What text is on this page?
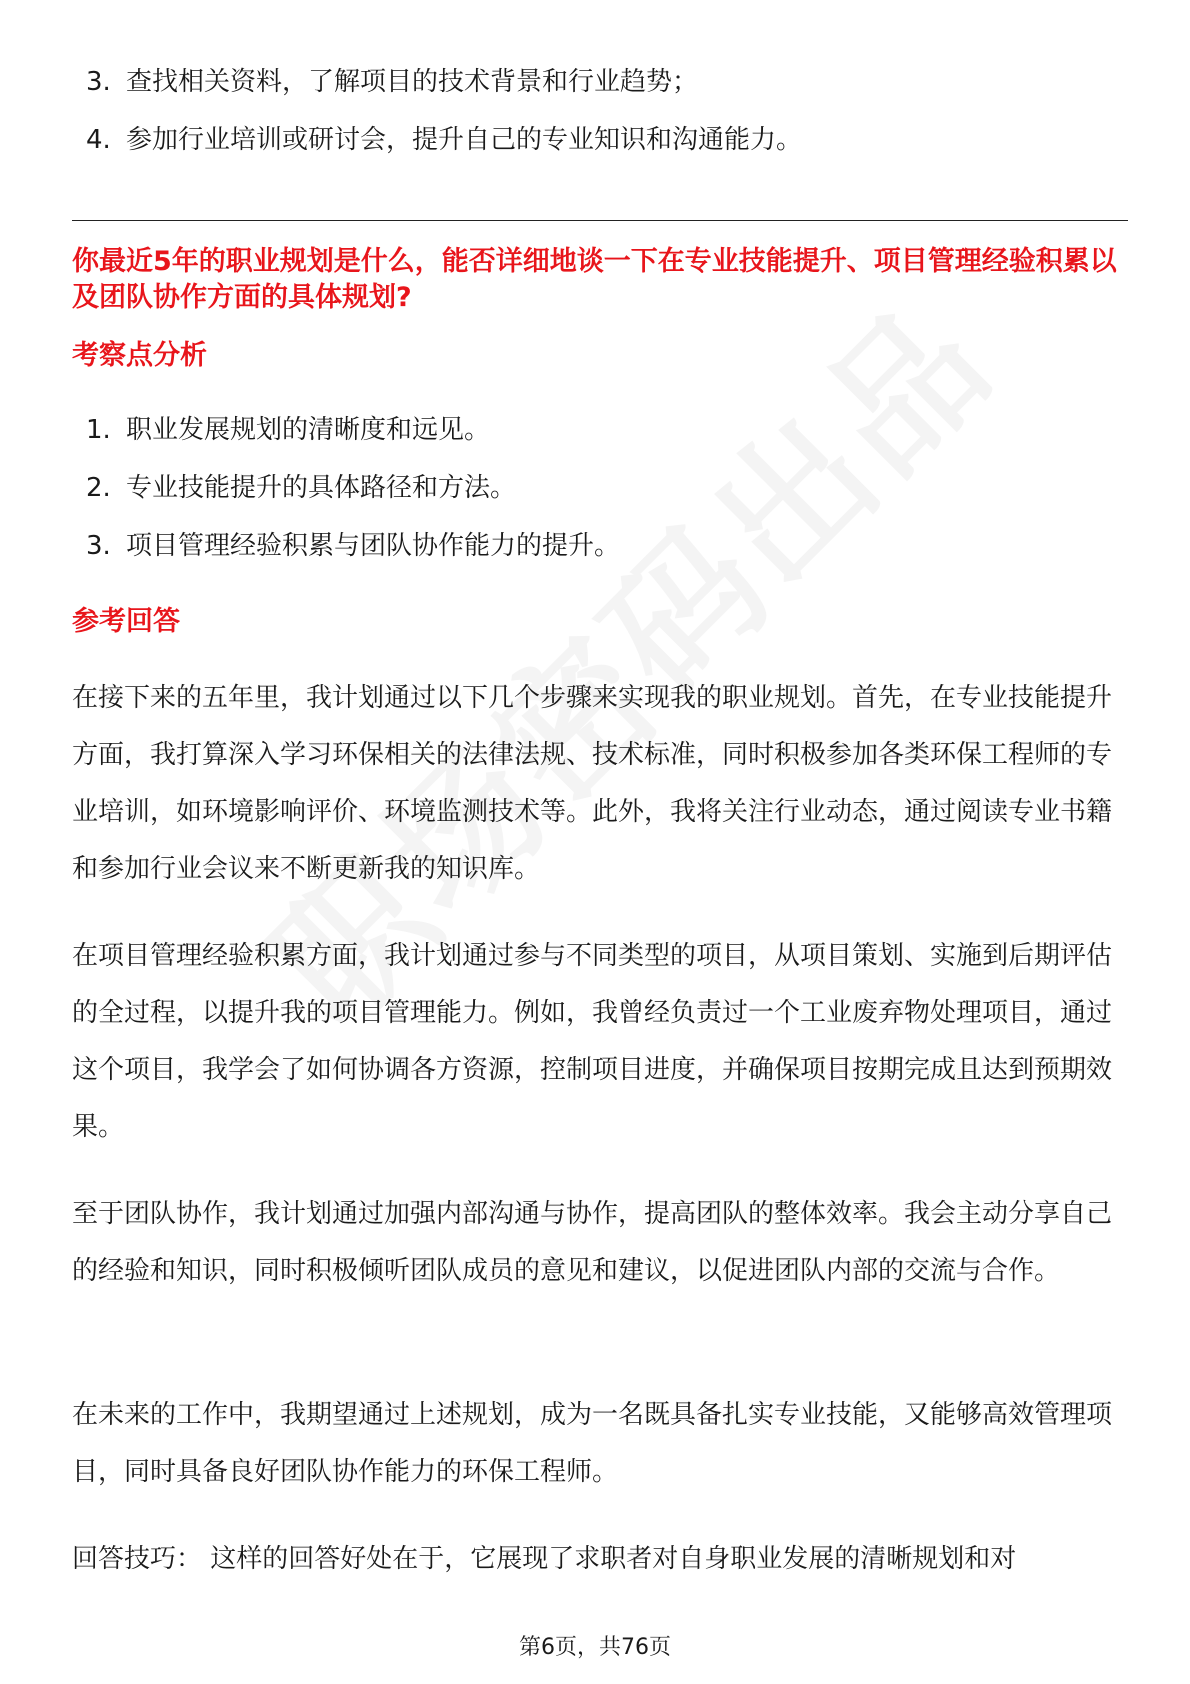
3. 查找相关资料，了解项目的技术背景和行业趋势；
4. 参加行业培训或研讨会，提升自己的专业知识和沟通能力。
你最近5年的职业规划是什么，能否详细地谈一下在专业技能提升、项目管理经验积累以及团队协作方面的具体规划?
考察点分析
1. 职业发展规划的清晰度和远见。
2. 专业技能提升的具体路径和方法。
3. 项目管理经验积累与团队协作能力的提升。
参考回答

在接下来的五年里，我计划通过以下几个步骤来实现我的职业规划。首先，在专业技能提升方面，我打算深入学习环保相关的法律法规、技术标准，同时积极参加各类环保工程师的专业培训，如环境影响评价、环境监测技术等。此外，我将关注行业动态，通过阅读专业书籍和参加行业会议来不断更新我的知识库。

在项目管理经验积累方面，我计划通过参与不同类型的项目，从项目策划、实施到后期评估的全过程，以提升我的项目管理能力。例如，我曾经负责过一个工业废弃物处理项目，通过这个项目，我学会了如何协调各方资源，控制项目进度，并确保项目按期完成且达到预期效果。

至于团队协作，我计划通过加强内部沟通与协作，提高团队的整体效率。我会主动分享自己的经验和知识，同时积极倾听团队成员的意见和建议，以促进团队内部的交流与合作。

在未来的工作中，我期望通过上述规划，成为一名既具备扎实专业技能，又能够高效管理项目，同时具备良好团队协作能力的环保工程师。

回答技巧： 这样的回答好处在于，它展现了求职者对自身职业发展的清晰规划和对

第6页，共76页
